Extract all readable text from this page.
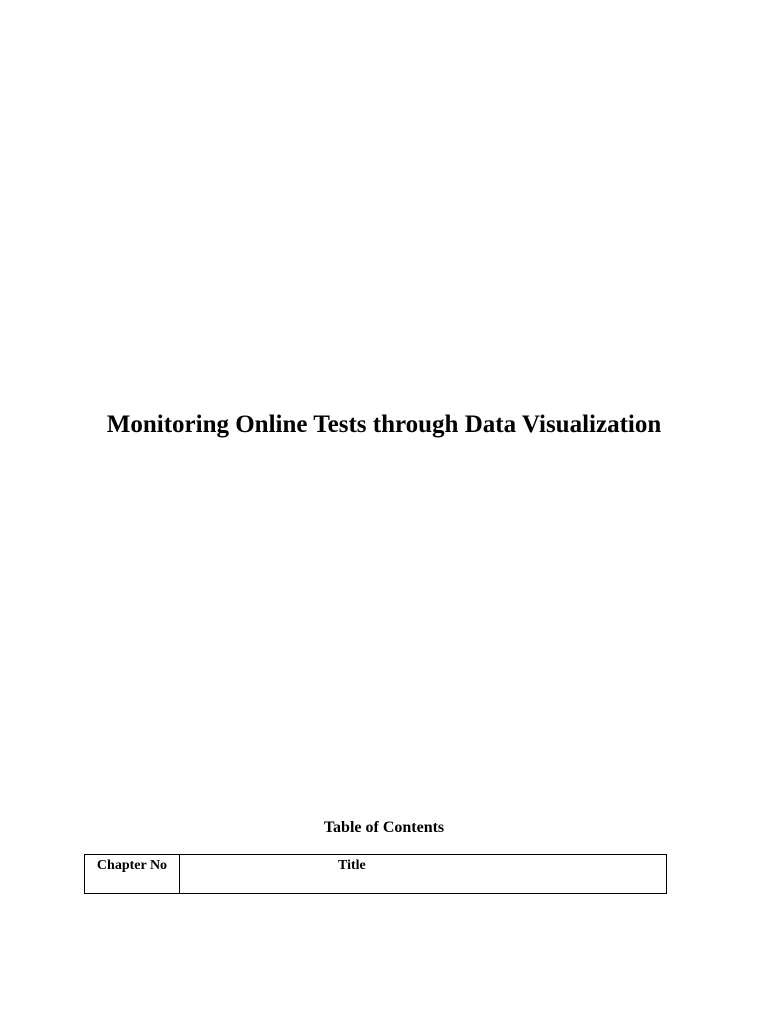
Monitoring Online Tests through Data Visualization
Table of Contents
Chapter No	Title
